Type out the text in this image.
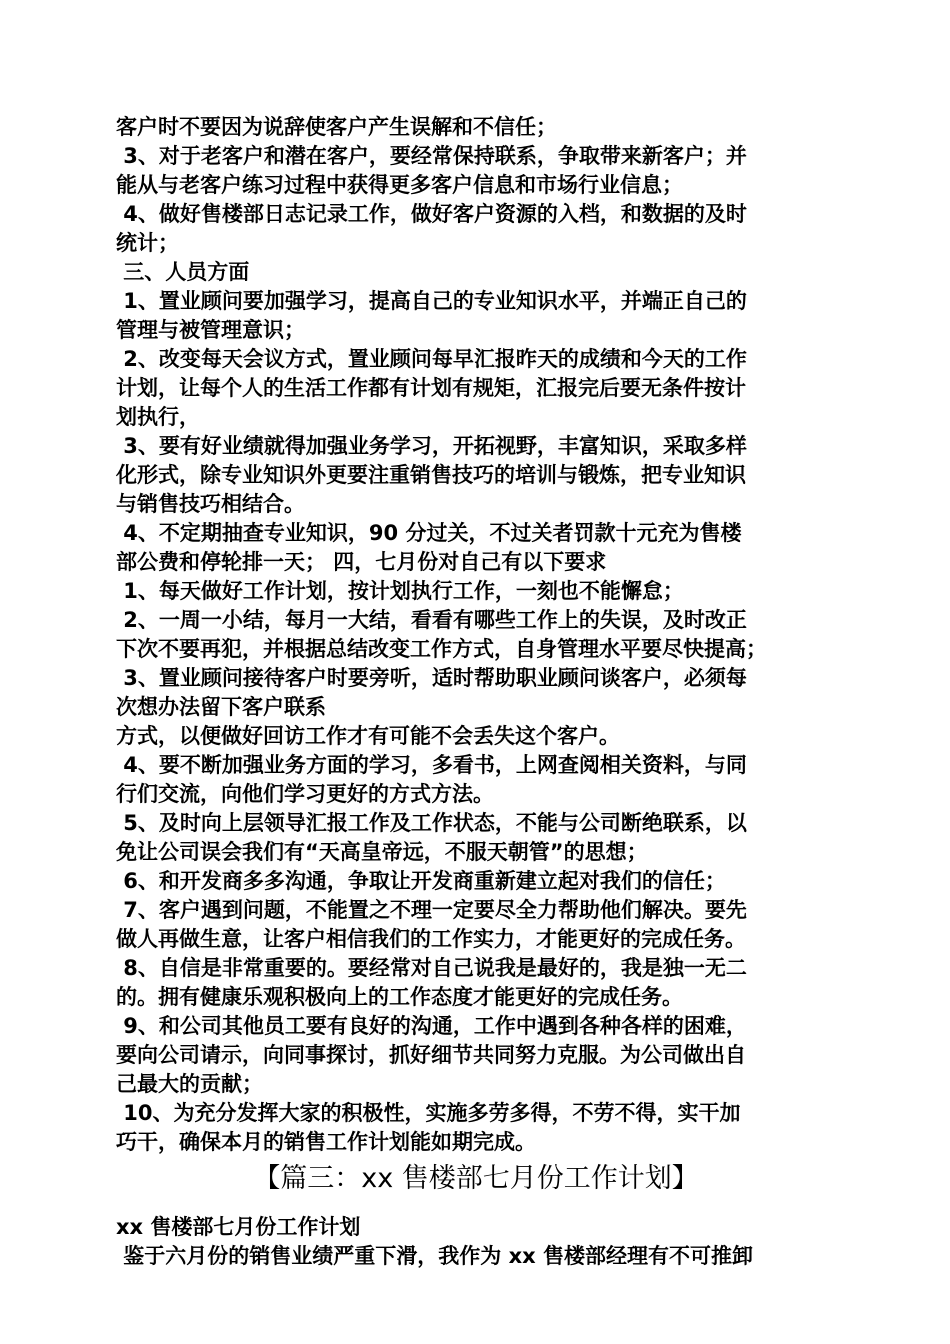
客户时不要因为说辞使客户产生误解和不信任；
3、对于老客户和潜在客户，要经常保持联系，争取带来新客户；并
能从与老客户练习过程中获得更多客户信息和市场行业信息；
4、做好售楼部日志记录工作，做好客户资源的入档，和数据的及时
统计；
三、人员方面
1、置业顾问要加强学习，提高自己的专业知识水平，并端正自己的
管理与被管理意识；
2、改变每天会议方式，置业顾问每早汇报昨天的成绩和今天的工作
计划，让每个人的生活工作都有计划有规矩，汇报完后要无条件按计
划执行，
3、要有好业绩就得加强业务学习，开拓视野，丰富知识，采取多样
化形式，除专业知识外更要注重销售技巧的培训与锻炼，把专业知识
与销售技巧相结合。
4、不定期抽查专业知识，90 分过关，不过关者罚款十元充为售楼
部公费和停轮排一天； 四，七月份对自己有以下要求
1、每天做好工作计划，按计划执行工作，一刻也不能懈怠；
2、一周一小结，每月一大结，看看有哪些工作上的失误，及时改正
下次不要再犯，并根据总结改变工作方式，自身管理水平要尽快提高；
3、置业顾问接待客户时要旁听，适时帮助职业顾问谈客户，必须每
次想办法留下客户联系
方式，以便做好回访工作才有可能不会丢失这个客户。
4、要不断加强业务方面的学习，多看书，上网查阅相关资料，与同
行们交流，向他们学习更好的方式方法。
5、及时向上层领导汇报工作及工作状态，不能与公司断绝联系，以
免让公司误会我们有“天高皇帝远，不服天朝管”的思想；
6、和开发商多多沟通，争取让开发商重新建立起对我们的信任；
7、客户遇到问题，不能置之不理一定要尽全力帮助他们解决。要先
做人再做生意，让客户相信我们的工作实力，才能更好的完成任务。
8、自信是非常重要的。要经常对自己说我是最好的，我是独一无二
的。拥有健康乐观积极向上的工作态度才能更好的完成任务。
9、和公司其他员工要有良好的沟通，工作中遇到各种各样的困难，
要向公司请示，向同事探讨，抓好细节共同努力克服。为公司做出自
己最大的贡献；
10、为充分发挥大家的积极性，实施多劳多得，不劳不得，实干加
巧干，确保本月的销售工作计划能如期完成。
【篇三：xx 售楼部七月份工作计划】
xx 售楼部七月份工作计划
鉴于六月份的销售业绩严重下滑，我作为 xx 售楼部经理有不可推卸
